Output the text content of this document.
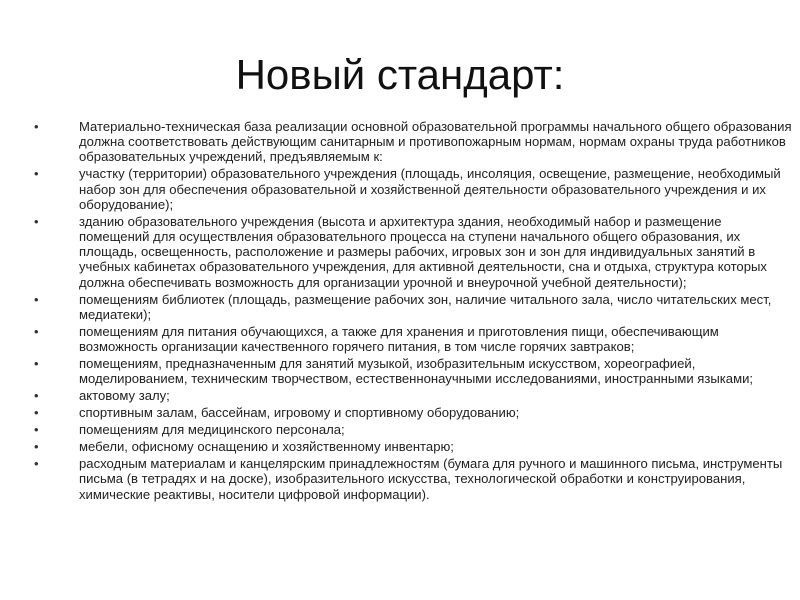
Новый стандарт:
•	Материально-техническая база реализации основной образовательной программы начального общего образования должна соответствовать действующим санитарным и противопожарным нормам, нормам охраны труда работников образовательных учреждений, предъявляемым к:
•	участку (территории) образовательного учреждения (площадь, инсоляция, освещение, размещение, необходимый набор зон для обеспечения образовательной и хозяйственной деятельности образовательного учреждения и их оборудование);
•	зданию образовательного учреждения (высота и архитектура здания, необходимый набор и размещение помещений для осуществления образовательного процесса на ступени начального общего образования, их площадь, освещенность, расположение и размеры рабочих, игровых зон и зон для индивидуальных занятий в учебных кабинетах образовательного учреждения, для активной деятельности, сна и отдыха, структура которых должна обеспечивать возможность для организации урочной и внеурочной учебной деятельности);
•	помещениям библиотек (площадь, размещение рабочих зон, наличие читального зала, число читательских мест, медиатеки);
•	помещениям для питания обучающихся, а также для хранения и приготовления пищи, обеспечивающим возможность организации качественного горячего питания, в том числе горячих завтраков;
•	помещениям, предназначенным для занятий музыкой, изобразительным искусством, хореографией, моделированием, техническим творчеством, естественнонаучными исследованиями, иностранными языками;
•	актовому залу;
•	спортивным залам, бассейнам, игровому и спортивному оборудованию;
•	помещениям для медицинского персонала;
•	мебели, офисному оснащению и хозяйственному инвентарю;
•	расходным материалам и канцелярским принадлежностям (бумага для ручного и машинного письма, инструменты письма (в тетрадях и на доске), изобразительного искусства, технологической обработки и конструирования, химические реактивы, носители цифровой информации).
